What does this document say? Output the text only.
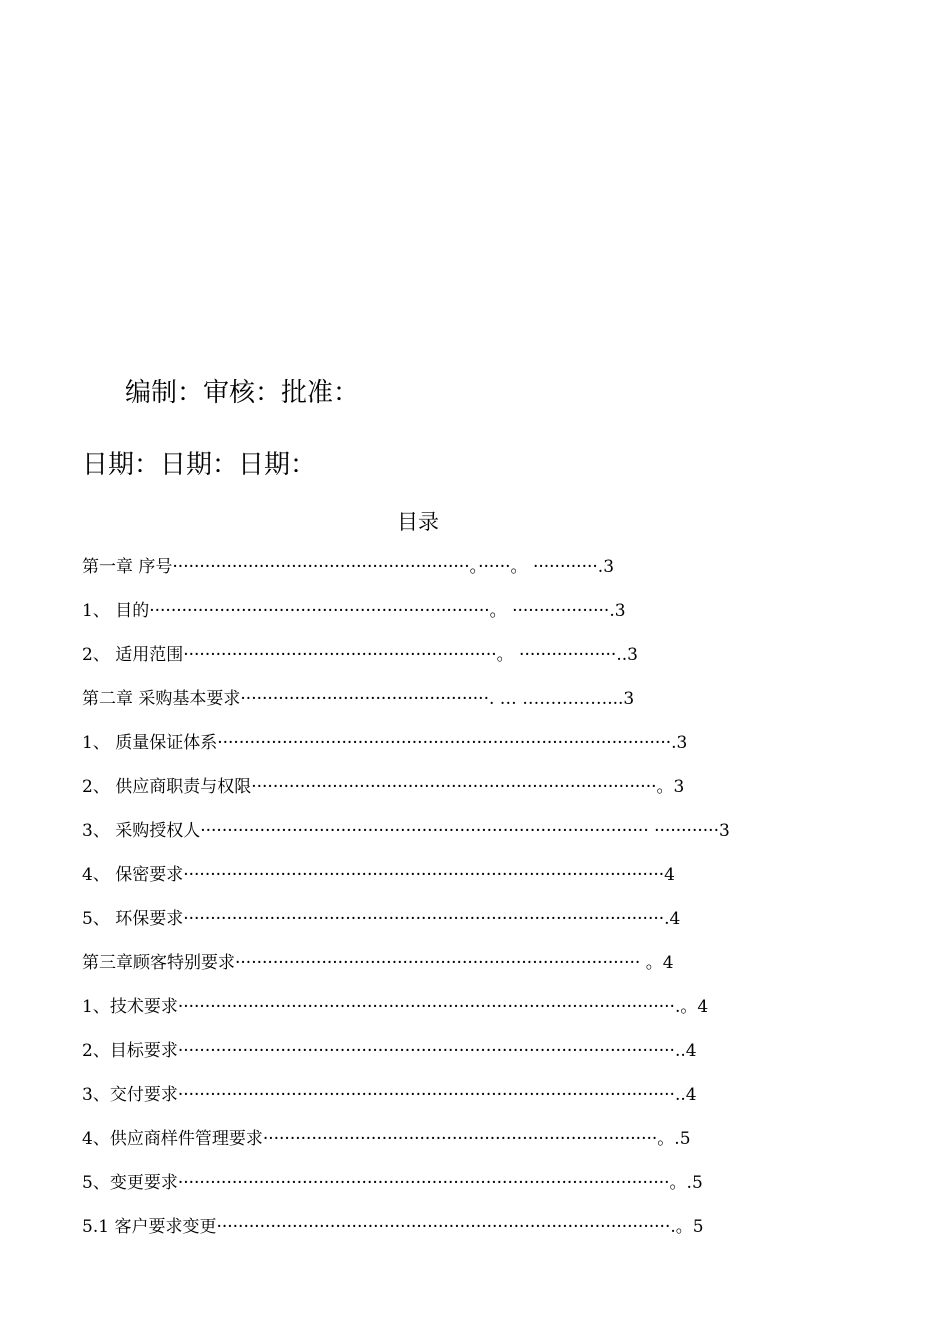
编制：审核：批准：
日期：日期：日期：
目录
第一章 序号·······················································。······。 ············.3
1、 目的·······························································。 ··················.3
2、 适用范围··························································。 ··················..3
第二章 采购基本要求··············································. … ……………...3
1、 质量保证体系····················································································.3
2、 供应商职责与权限···········································································。3
3、 采购授权人··················································································· ············3
4、 保密要求·························································································4
5、 环保要求·························································································.4
第三章顾客特别要求··········································································· 。4
1、技术要求····························································································.。4
2、目标要求····························································································..4
3、交付要求····························································································..4
4、供应商样件管理要求·········································································。.5
5、变更要求···························································································。.5
5.1 客户要求变更····················································································.。5
